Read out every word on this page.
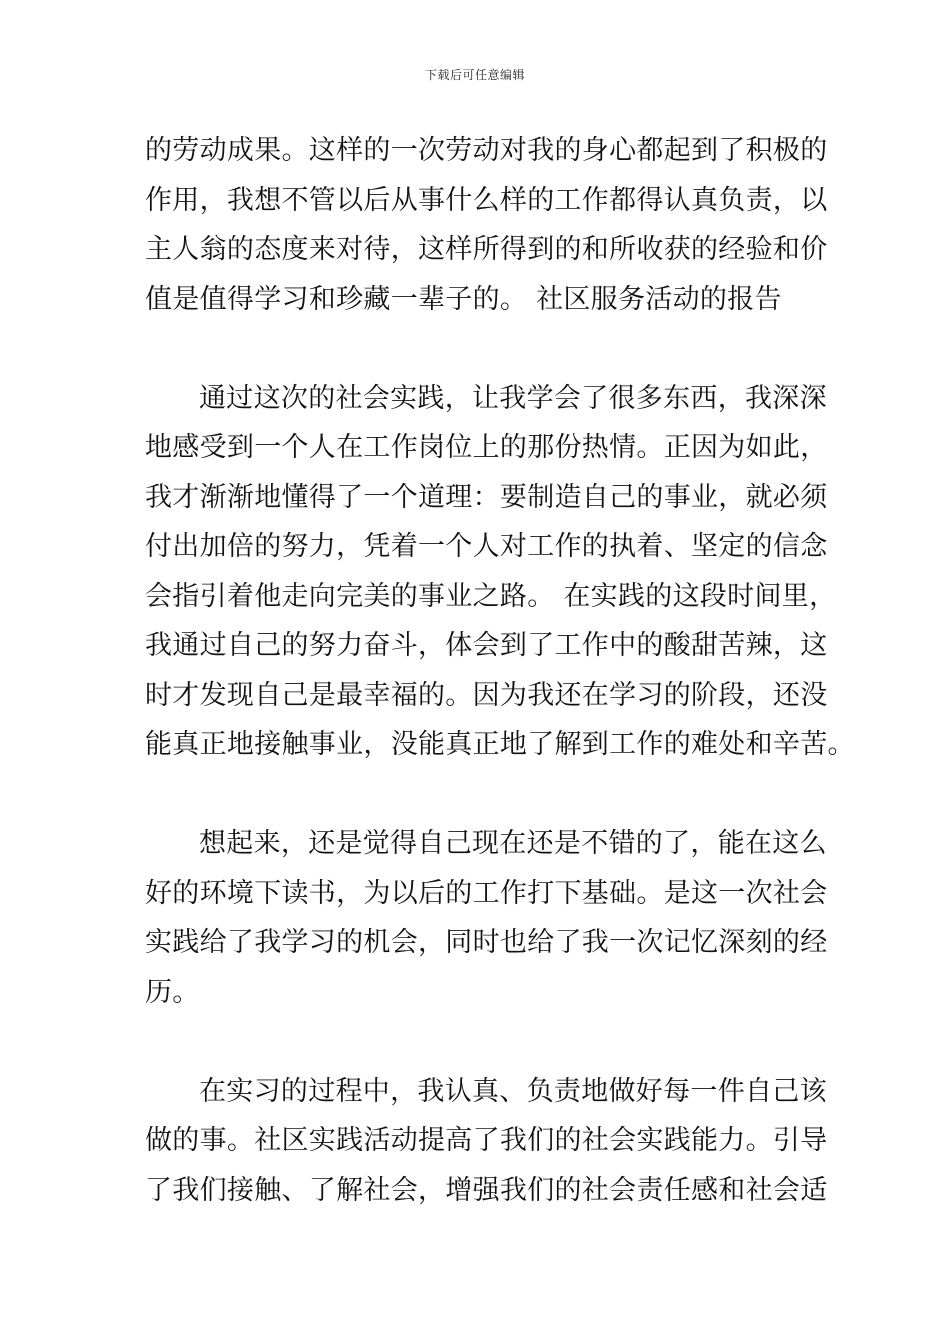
下载后可任意编辑
的劳动成果。这样的一次劳动对我的身心都起到了积极的
作用，我想不管以后从事什么样的工作都得认真负责，以
主人翁的态度来对待，这样所得到的和所收获的经验和价
值是值得学习和珍藏一辈子的。 社区服务活动的报告
通过这次的社会实践，让我学会了很多东西，我深深
地感受到一个人在工作岗位上的那份热情。正因为如此，
我才渐渐地懂得了一个道理：要制造自己的事业，就必须
付出加倍的努力，凭着一个人对工作的执着、坚定的信念
会指引着他走向完美的事业之路。 在实践的这段时间里，
我通过自己的努力奋斗，体会到了工作中的酸甜苦辣，这
时才发现自己是最幸福的。因为我还在学习的阶段，还没
能真正地接触事业，没能真正地了解到工作的难处和辛苦。
想起来，还是觉得自己现在还是不错的了，能在这么
好的环境下读书，为以后的工作打下基础。是这一次社会
实践给了我学习的机会，同时也给了我一次记忆深刻的经
历。
在实习的过程中，我认真、负责地做好每一件自己该
做的事。社区实践活动提高了我们的社会实践能力。引导
了我们接触、了解社会，增强我们的社会责任感和社会适
